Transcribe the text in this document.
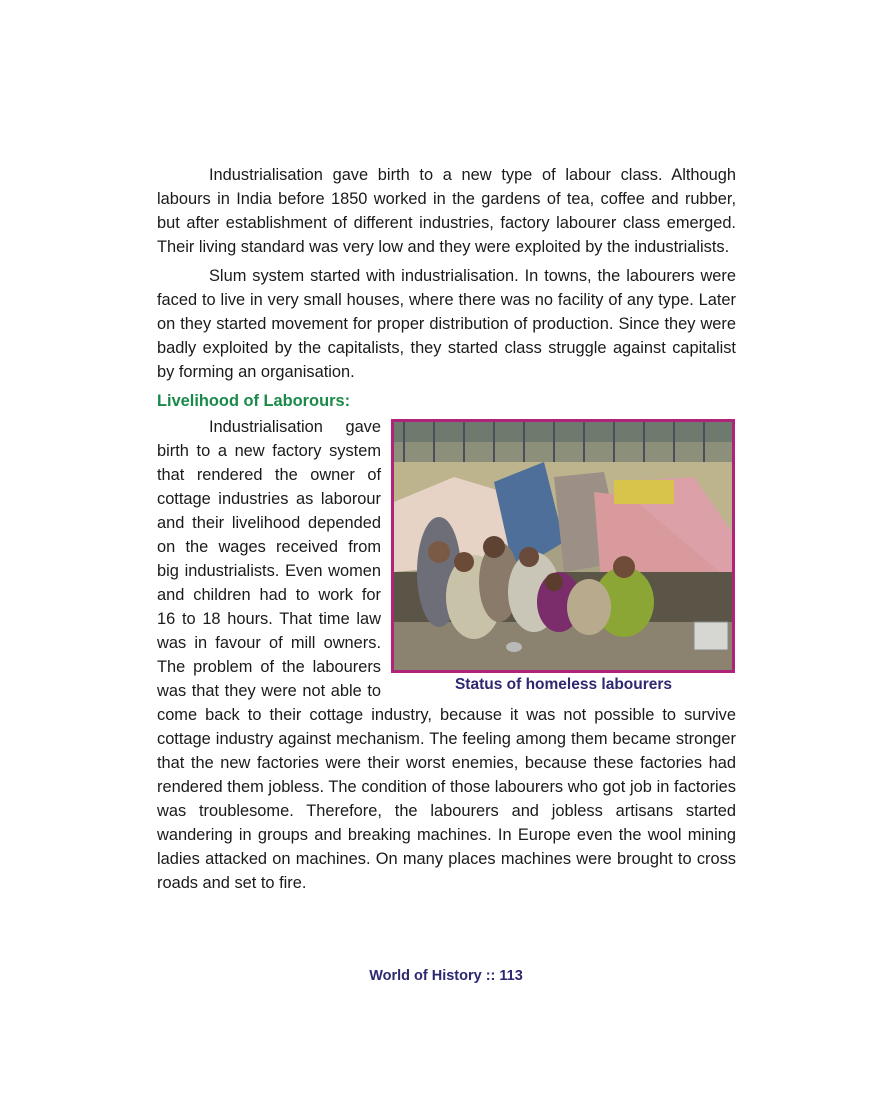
Industrialisation gave birth to a new type of labour class. Although labours in India before 1850 worked in the gardens of tea, coffee and rubber, but after establishment of different industries, factory labourer class emerged. Their living standard was very low and they were exploited by the industrialists.

Slum system started with industrialisation. In towns, the labourers were faced to live in very small houses, where there was no facility of any type. Later on they started movement for proper distribution of production. Since they were badly exploited by the capitalists, they started class struggle against capitalist by forming an organisation.

Livelihood of Laborours:

Status of homeless labourers
Industrialisation gave birth to a new factory system that rendered the owner of cottage industries as laborour and their livelihood depended on the wages received from big industrialists. Even women and children had to work for 16 to 18 hours. That time law was in favour of mill owners. The problem of the labourers was that they were not able to come back to their cottage industry, because it was not possible to survive cottage industry against mechanism. The feeling among them became stronger that the new factories were their worst enemies, because these factories had rendered them jobless. The condition of those labourers who got job in factories was troublesome. Therefore, the labourers and jobless artisans started wandering in groups and breaking machines. In Europe even the wool mining ladies attacked on machines. On many places machines were brought to cross roads and set to fire.

World of History :: 113
